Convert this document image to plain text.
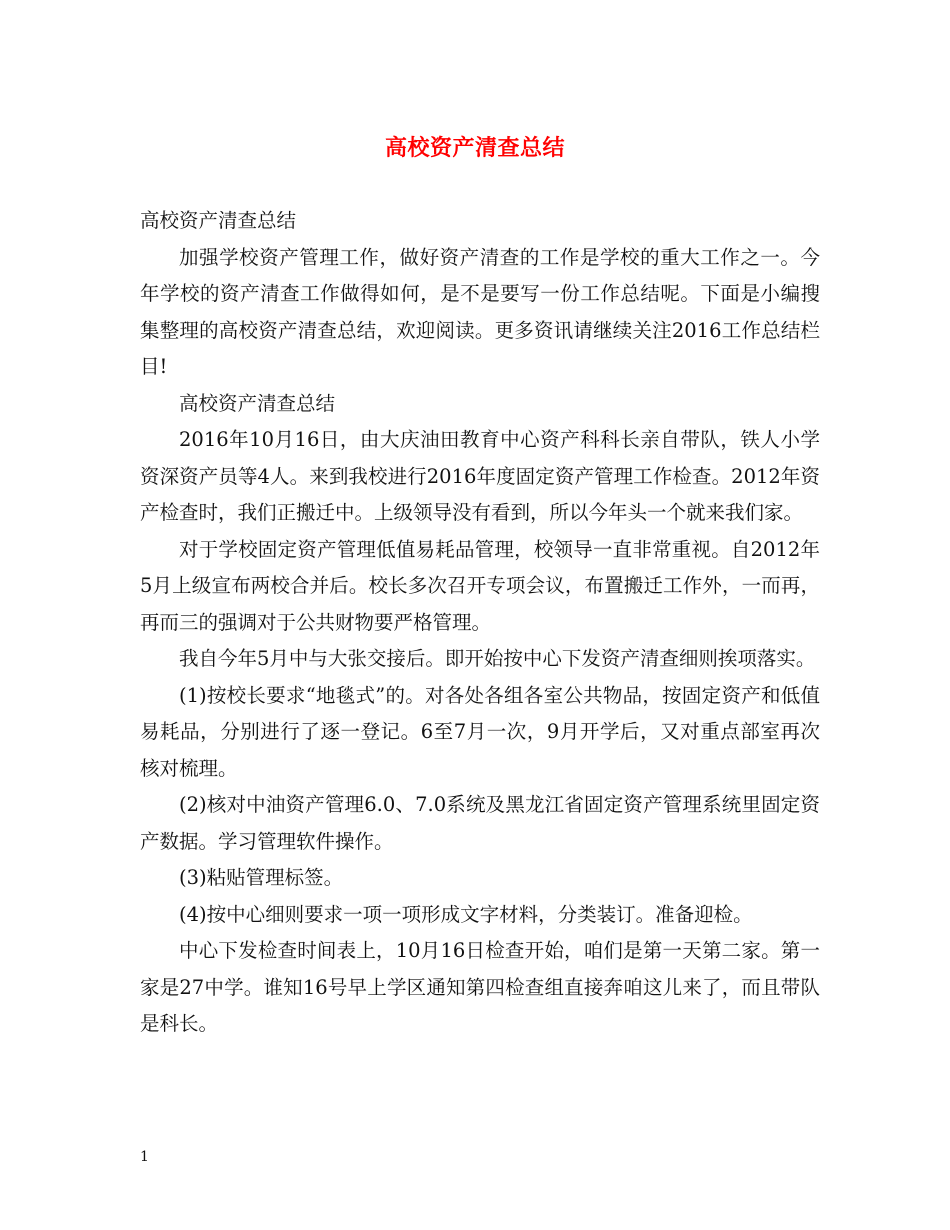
高校资产清查总结

高校资产清查总结

加强学校资产管理工作，做好资产清查的工作是学校的重大工作之一。今年学校的资产清查工作做得如何，是不是要写一份工作总结呢。下面是小编搜集整理的高校资产清查总结，欢迎阅读。更多资讯请继续关注2016工作总结栏目!

高校资产清查总结

2016年10月16日，由大庆油田教育中心资产科科长亲自带队，铁人小学资深资产员等4人。来到我校进行2016年度固定资产管理工作检查。2012年资产检查时，我们正搬迁中。上级领导没有看到，所以今年头一个就来我们家。

对于学校固定资产管理低值易耗品管理，校领导一直非常重视。自2012年5月上级宣布两校合并后。校长多次召开专项会议，布置搬迁工作外，一而再，再而三的强调对于公共财物要严格管理。

我自今年5月中与大张交接后。即开始按中心下发资产清查细则挨项落实。

(1)按校长要求“地毯式”的。对各处各组各室公共物品，按固定资产和低值易耗品，分别进行了逐一登记。6至7月一次，9月开学后，又对重点部室再次核对梳理。

(2)核对中油资产管理6.0、7.0系统及黑龙江省固定资产管理系统里固定资产数据。学习管理软件操作。

(3)粘贴管理标签。

(4)按中心细则要求一项一项形成文字材料，分类装订。准备迎检。

中心下发检查时间表上，10月16日检查开始，咱们是第一天第二家。第一家是27中学。谁知16号早上学区通知第四检查组直接奔咱这儿来了，而且带队是科长。

1
